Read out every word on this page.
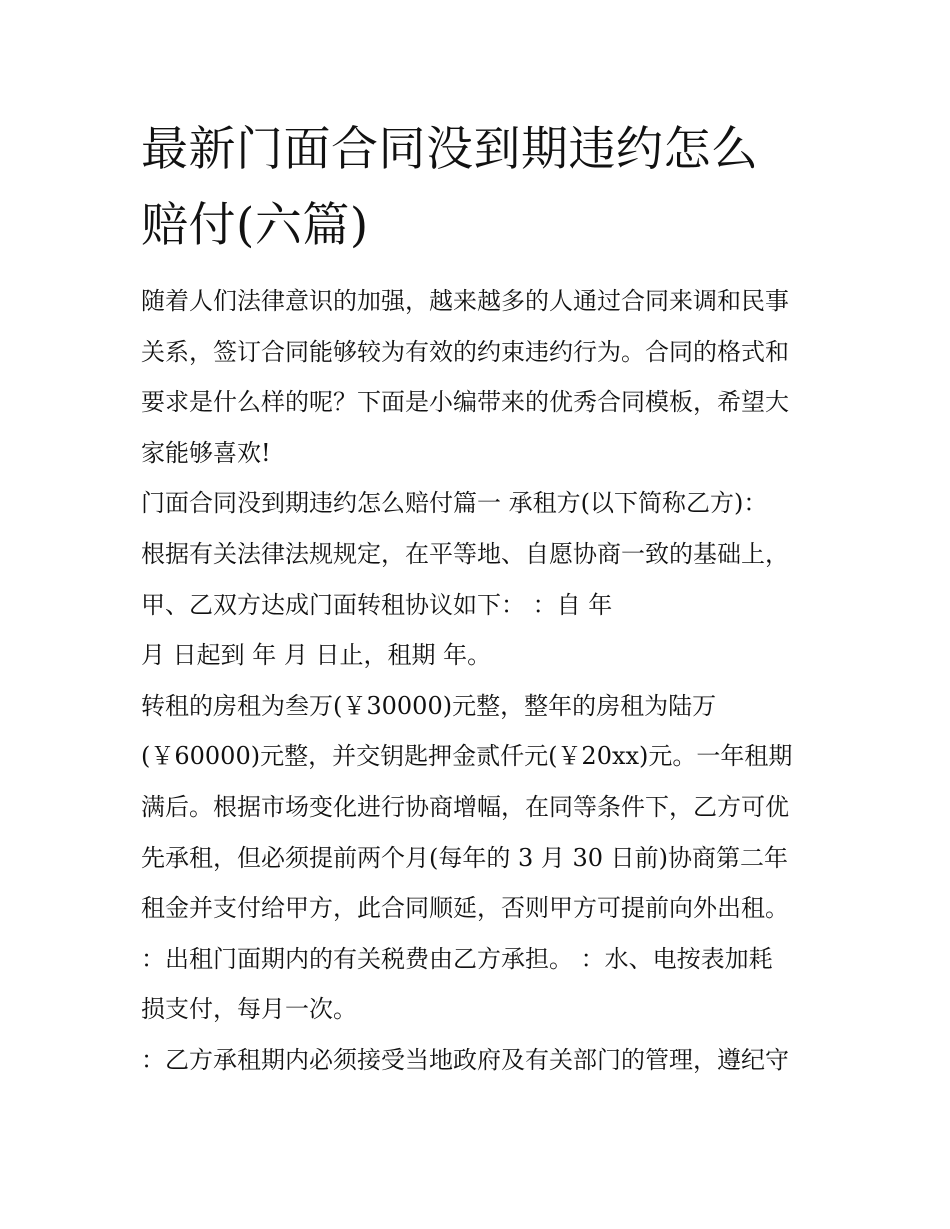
最新门面合同没到期违约怎么
赔付(六篇)
随着人们法律意识的加强，越来越多的人通过合同来调和民事
关系，签订合同能够较为有效的约束违约行为。合同的格式和
要求是什么样的呢？下面是小编带来的优秀合同模板，希望大
家能够喜欢!
门面合同没到期违约怎么赔付篇一 承租方(以下简称乙方)：
根据有关法律法规规定，在平等地、自愿协商一致的基础上，
甲、乙双方达成门面转租协议如下： ：自 年
月 日起到 年 月 日止，租期 年。
转租的房租为叁万(￥30000)元整，整年的房租为陆万
(￥60000)元整，并交钥匙押金贰仟元(￥20xx)元。一年租期
满后。根据市场变化进行协商增幅，在同等条件下，乙方可优
先承租，但必须提前两个月(每年的 3 月 30 日前)协商第二年
租金并支付给甲方，此合同顺延，否则甲方可提前向外出租。
：出租门面期内的有关税费由乙方承担。 ：水、电按表加耗
损支付，每月一次。
：乙方承租期内必须接受当地政府及有关部门的管理，遵纪守
